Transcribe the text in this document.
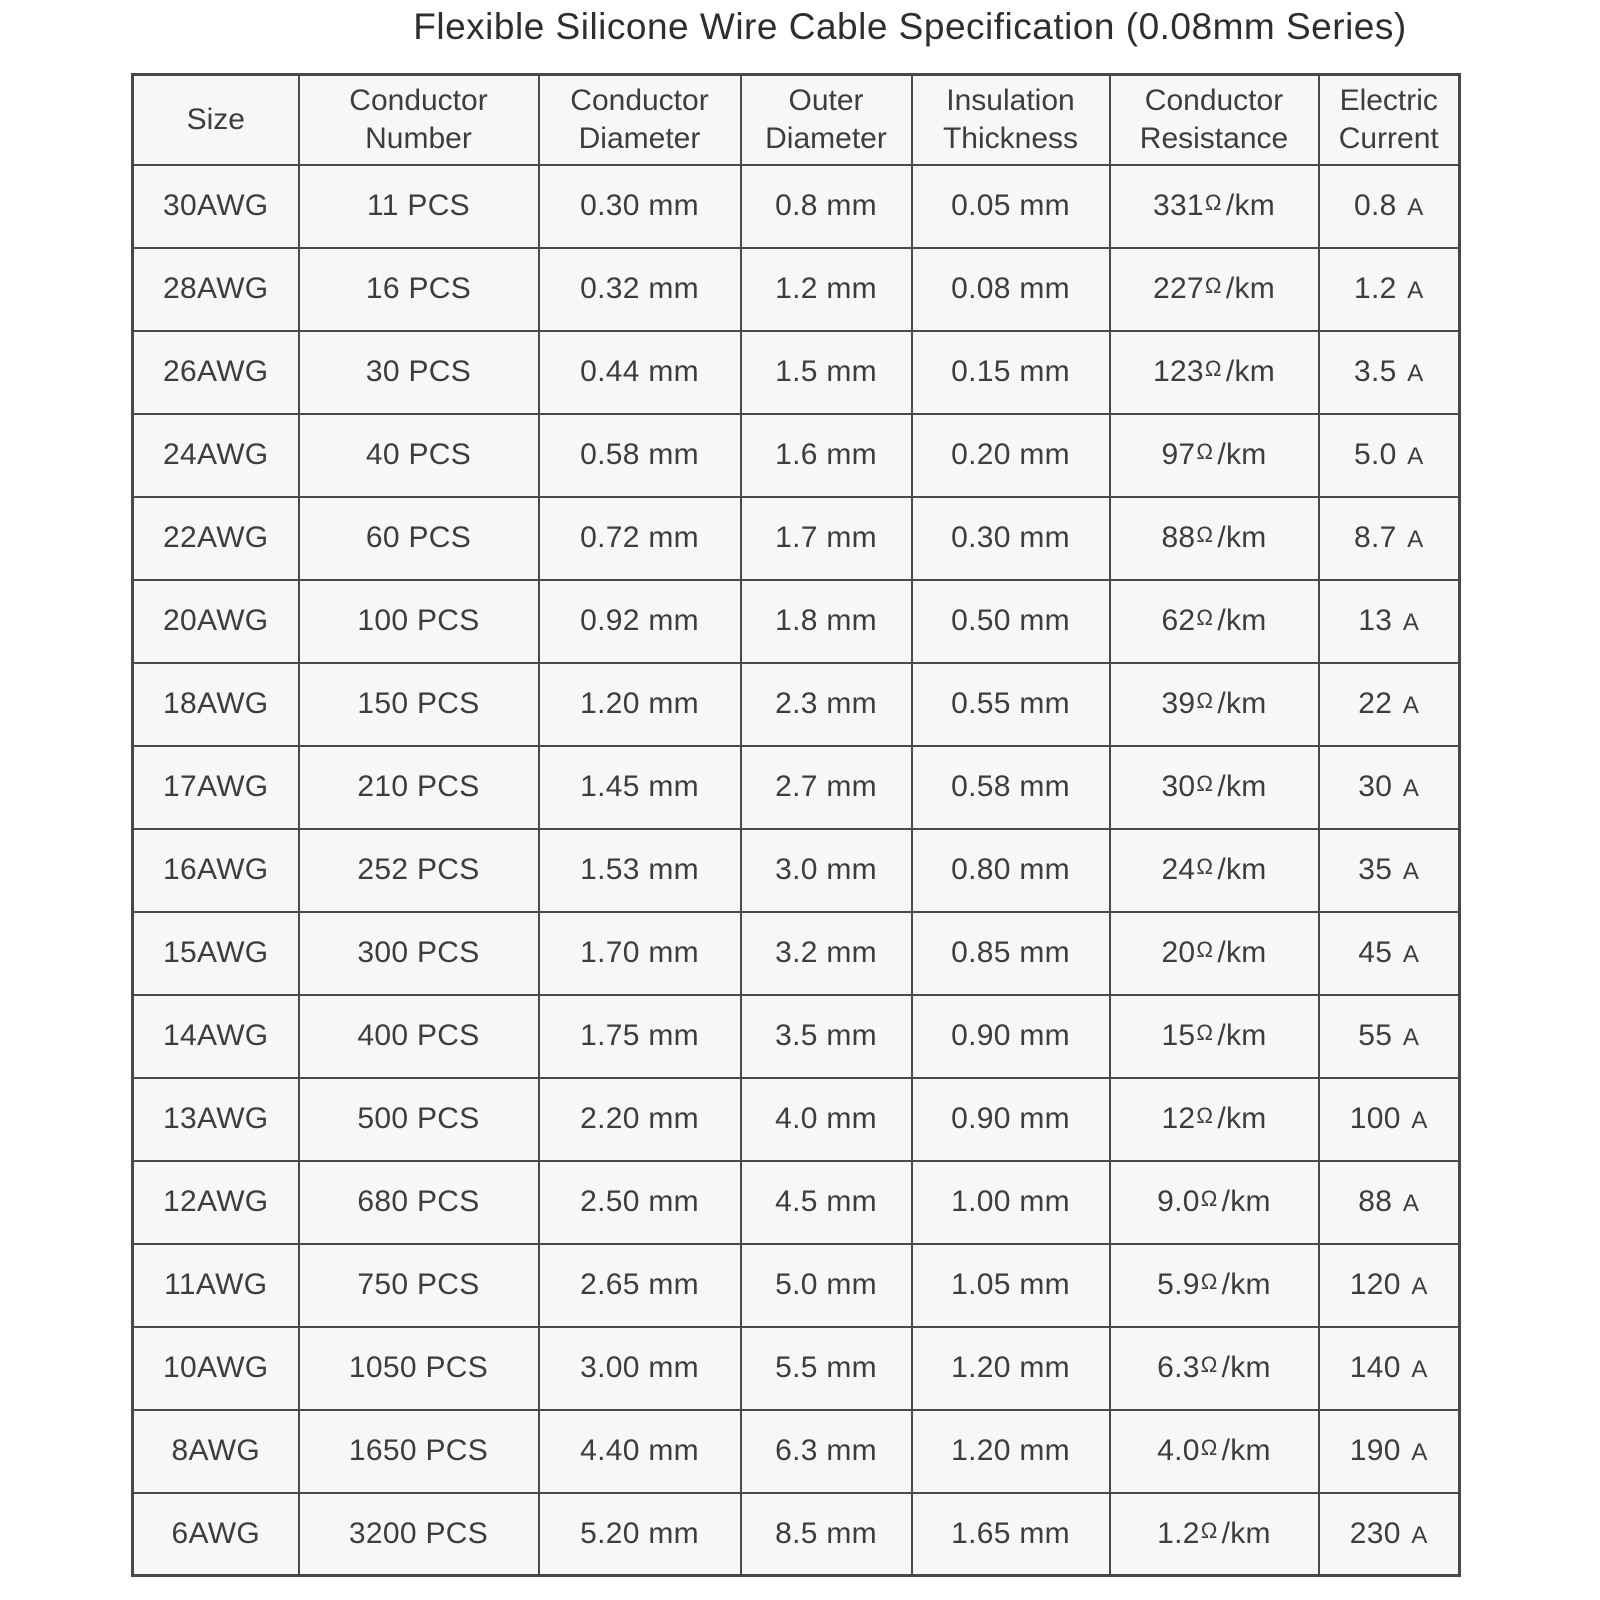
Flexible Silicone Wire Cable Specification (0.08mm Series)
Size	Conductor Number	Conductor Diameter	Outer Diameter	Insulation Thickness	Conductor Resistance	Electric Current
30AWG	11 PCS	0.30 mm	0.8 mm	0.05 mm	331Ω /km	0.8 A
28AWG	16 PCS	0.32 mm	1.2 mm	0.08 mm	227Ω /km	1.2 A
26AWG	30 PCS	0.44 mm	1.5 mm	0.15 mm	123Ω /km	3.5 A
24AWG	40 PCS	0.58 mm	1.6 mm	0.20 mm	97Ω /km	5.0 A
22AWG	60 PCS	0.72 mm	1.7 mm	0.30 mm	88Ω /km	8.7 A
20AWG	100 PCS	0.92 mm	1.8 mm	0.50 mm	62Ω /km	13 A
18AWG	150 PCS	1.20 mm	2.3 mm	0.55 mm	39Ω /km	22 A
17AWG	210 PCS	1.45 mm	2.7 mm	0.58 mm	30Ω /km	30 A
16AWG	252 PCS	1.53 mm	3.0 mm	0.80 mm	24Ω /km	35 A
15AWG	300 PCS	1.70 mm	3.2 mm	0.85 mm	20Ω /km	45 A
14AWG	400 PCS	1.75 mm	3.5 mm	0.90 mm	15Ω /km	55 A
13AWG	500 PCS	2.20 mm	4.0 mm	0.90 mm	12Ω /km	100 A
12AWG	680 PCS	2.50 mm	4.5 mm	1.00 mm	9.0Ω /km	88 A
11AWG	750 PCS	2.65 mm	5.0 mm	1.05 mm	5.9Ω /km	120 A
10AWG	1050 PCS	3.00 mm	5.5 mm	1.20 mm	6.3Ω /km	140 A
8AWG	1650 PCS	4.40 mm	6.3 mm	1.20 mm	4.0Ω /km	190 A
6AWG	3200 PCS	5.20 mm	8.5 mm	1.65 mm	1.2Ω /km	230 A
